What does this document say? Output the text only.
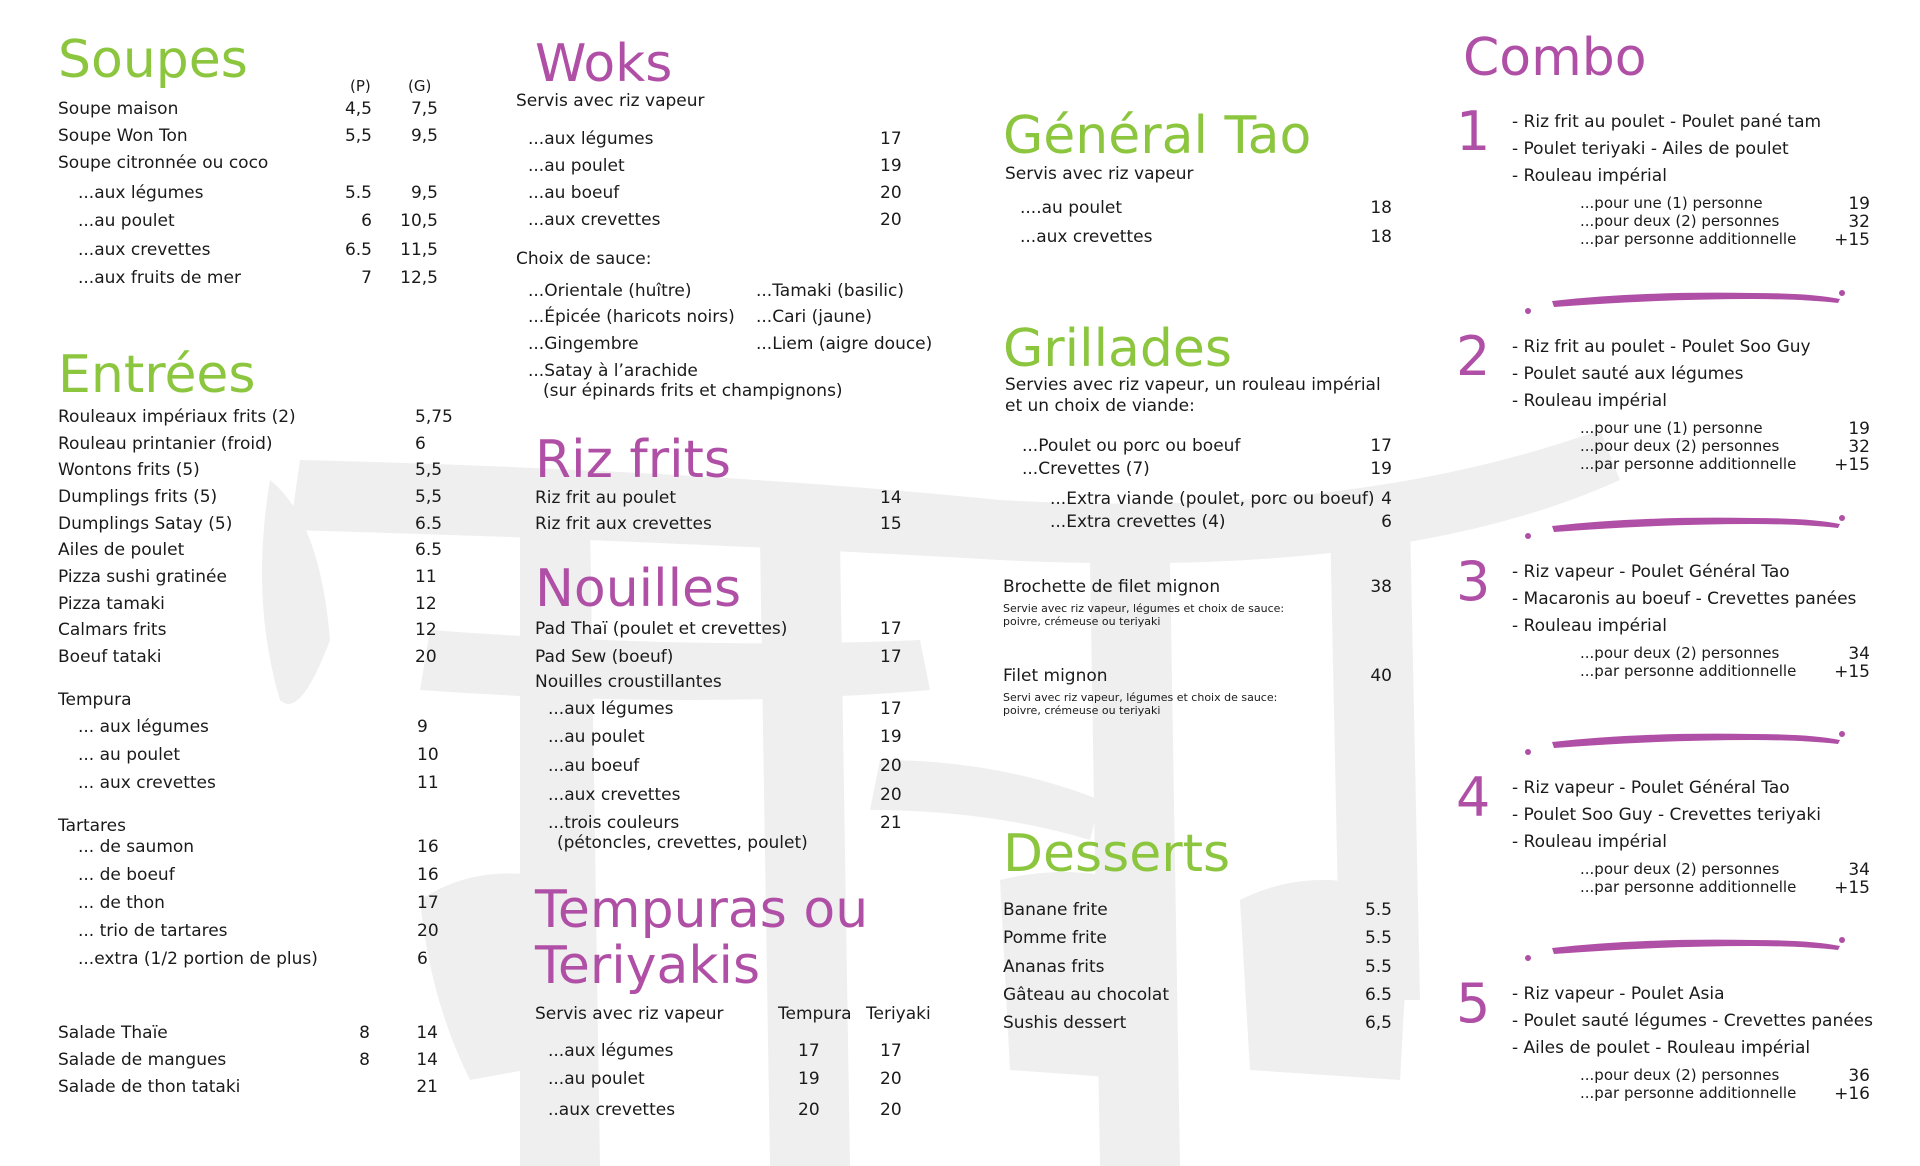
Soupes	(P) (G)
Soupe maison	4,5	7,5
Soupe Won Ton	5,5	9,5
Soupe citronnée ou coco
...aux légumes	5.5	9,5
...au poulet	6	10,5
...aux crevettes	6.5	11,5
...aux fruits de mer	7	12,5
Entrées
Rouleaux impériaux frits (2)	5,75
Rouleau printanier (froid)	6
Wontons frits (5)	5,5
Dumplings frits (5)	5,5
Dumplings Satay (5)	6.5
Ailes de poulet	6.5
Pizza sushi gratinée	11
Pizza tamaki	12
Calmars frits	12
Boeuf tataki	20
Tempura
... aux légumes	9
... au poulet	10
... aux crevettes	11
Tartares
... de saumon	16
... de boeuf	16
... de thon	17
... trio de tartares	20
...extra (1/2 portion de plus)	6
Salade Thaïe	8	14
Salade de mangues	8	14
Salade de thon tataki	21
Woks
Servis avec riz vapeur
...aux légumes	17
...au poulet	19
...au boeuf	20
...aux crevettes	20
Choix de sauce:
...Orientale (huître)
...Épicée (haricots noirs)
...Gingembre
...Satay à l’arachide
...Tamaki (basilic)
...Cari (jaune)
...Liem (aigre douce)
(sur épinards frits et champignons)
Riz frits
Riz frit au poulet	14
Riz frit aux crevettes	15
Nouilles
Pad Thaï (poulet et crevettes)	17
Pad Sew (boeuf)	17
Nouilles croustillantes
...aux légumes	17
...au poulet	19
...au boeuf	20
...aux crevettes	20
...trois couleurs	21
(pétoncles, crevettes, poulet)
Tempuras ou
Teriyakis
Servis avec riz vapeur	Tempura Teriyaki
...aux légumes	17	17
...au poulet	19	20
..aux crevettes	20	20
Général Tao
Servis avec riz vapeur
....au poulet	18
...aux crevettes	18
Grillades
Servies avec riz vapeur, un rouleau impérial
et un choix de viande:
...Poulet ou porc ou boeuf	17
...Crevettes (7)	19
...Extra viande (poulet, porc ou boeuf) 4
...Extra crevettes (4)	6
Brochette de filet mignon	38
Servie avec riz vapeur, légumes et choix de sauce:
poivre, crémeuse ou teriyaki
Filet mignon	40
Servi avec riz vapeur, légumes et choix de sauce:
poivre, crémeuse ou teriyaki
Desserts
Banane frite	5.5
Pomme frite	5.5
Ananas frits	5.5
Gâteau au chocolat	6.5
Sushis dessert	6,5
Combo
1 - Riz frit au poulet - Poulet pané tam
- Poulet teriyaki - Ailes de poulet
- Rouleau impérial
...pour une (1) personne	19
...pour deux (2) personnes	32
...par personne additionnelle	+15
2 - Riz frit au poulet - Poulet Soo Guy
- Poulet sauté aux légumes
- Rouleau impérial
...pour une (1) personne	19
...pour deux (2) personnes	32
...par personne additionnelle	+15
3 - Riz vapeur - Poulet Général Tao
- Macaronis au boeuf - Crevettes panées
- Rouleau impérial
...pour deux (2) personnes	34
...par personne additionnelle	+15
4 - Riz vapeur - Poulet Général Tao
- Poulet Soo Guy - Crevettes teriyaki
- Rouleau impérial
...pour deux (2) personnes	34
...par personne additionnelle	+15
5 - Riz vapeur - Poulet Asia
- Poulet sauté légumes - Crevettes panées
- Ailes de poulet - Rouleau impérial
...pour deux (2) personnes	36
...par personne additionnelle	+16
